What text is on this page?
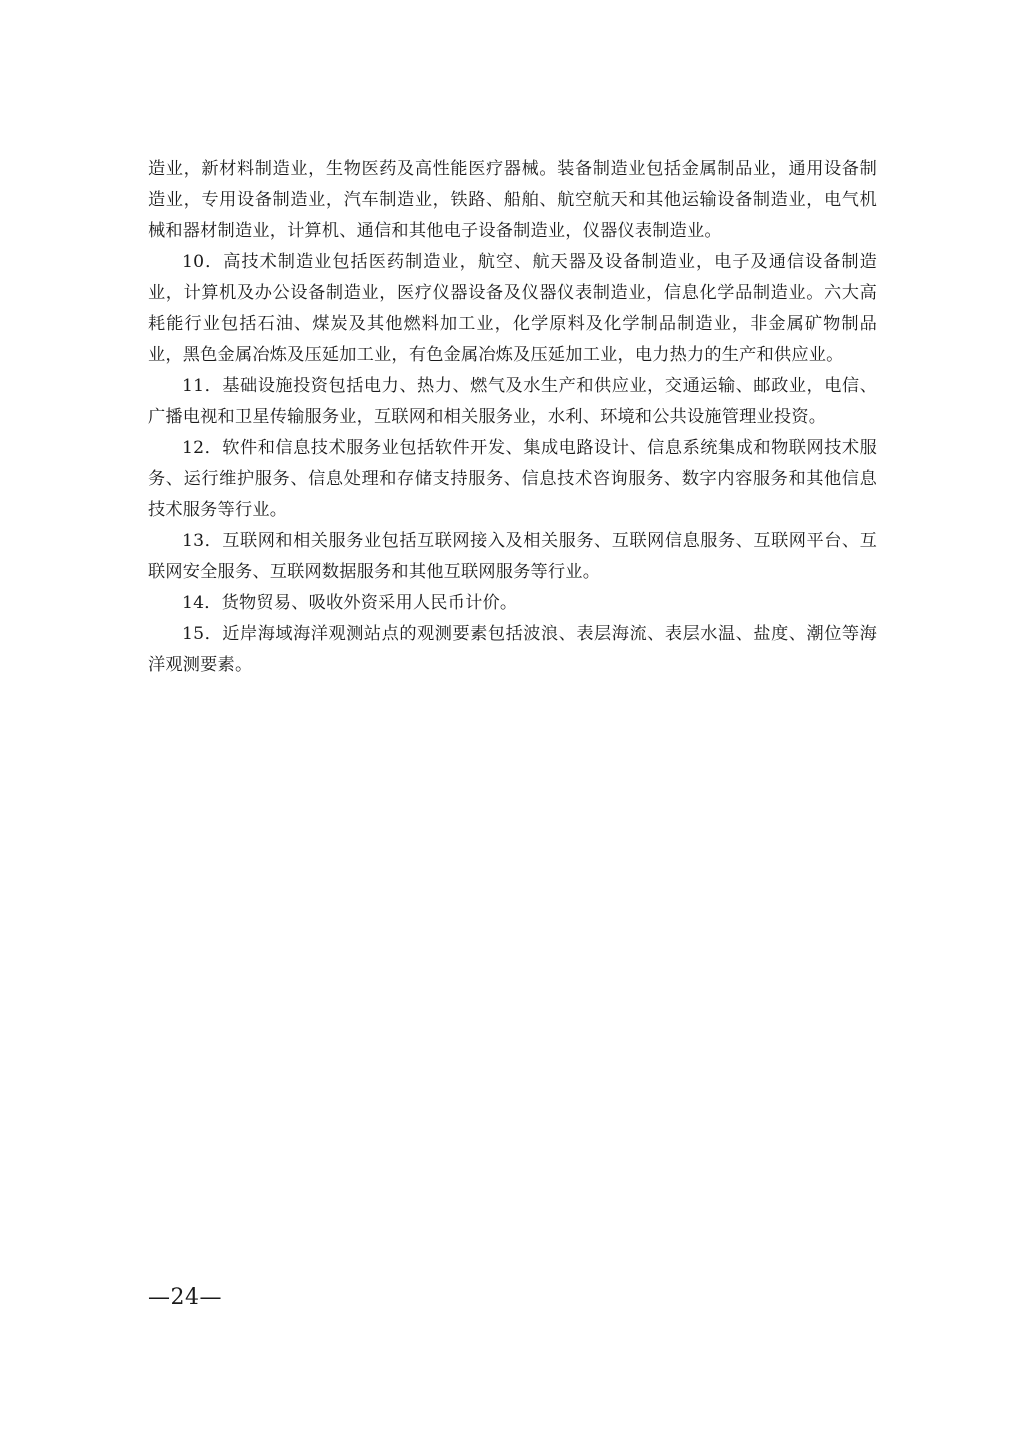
造业，新材料制造业，生物医药及高性能医疗器械。装备制造业包括金属制品业，通用设备制造业，专用设备制造业，汽车制造业，铁路、船舶、航空航天和其他运输设备制造业，电气机械和器材制造业，计算机、通信和其他电子设备制造业，仪器仪表制造业。

10．高技术制造业包括医药制造业，航空、航天器及设备制造业，电子及通信设备制造业，计算机及办公设备制造业，医疗仪器设备及仪器仪表制造业，信息化学品制造业。六大高耗能行业包括石油、煤炭及其他燃料加工业，化学原料及化学制品制造业，非金属矿物制品业，黑色金属冶炼及压延加工业，有色金属冶炼及压延加工业，电力热力的生产和供应业。

11．基础设施投资包括电力、热力、燃气及水生产和供应业，交通运输、邮政业，电信、广播电视和卫星传输服务业，互联网和相关服务业，水利、环境和公共设施管理业投资。

12．软件和信息技术服务业包括软件开发、集成电路设计、信息系统集成和物联网技术服务、运行维护服务、信息处理和存储支持服务、信息技术咨询服务、数字内容服务和其他信息技术服务等行业。

13．互联网和相关服务业包括互联网接入及相关服务、互联网信息服务、互联网平台、互联网安全服务、互联网数据服务和其他互联网服务等行业。

14．货物贸易、吸收外资采用人民币计价。

15．近岸海域海洋观测站点的观测要素包括波浪、表层海流、表层水温、盐度、潮位等海洋观测要素。

—24—
